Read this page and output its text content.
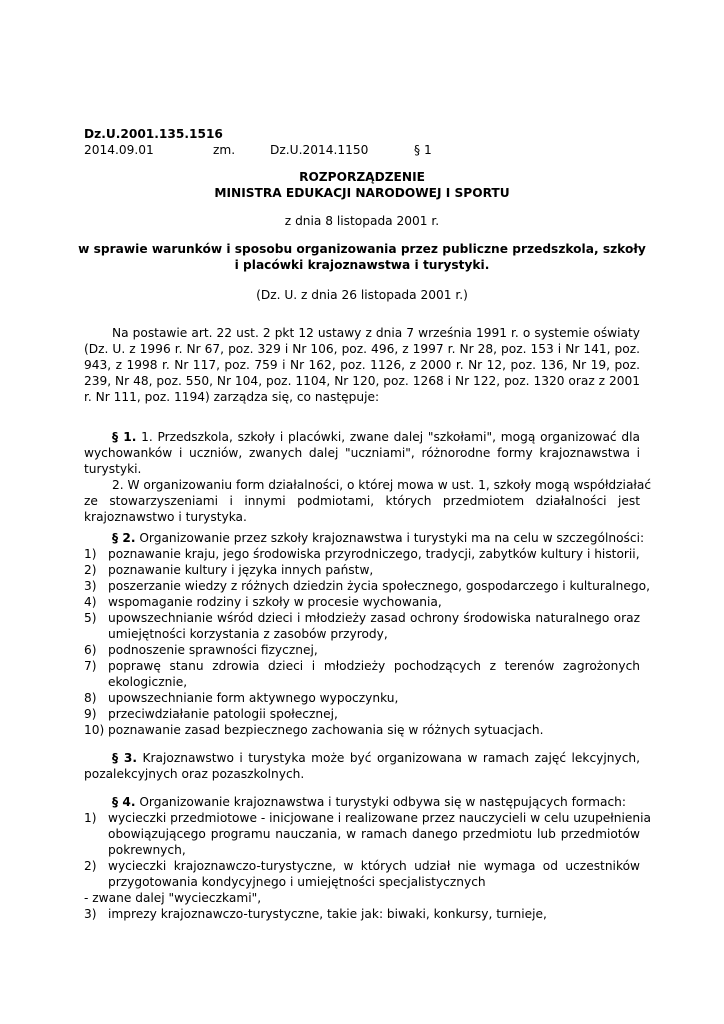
Dz.U.2001.135.1516
2014.09.01	zm.	Dz.U.2014.1150	§ 1
ROZPORZĄDZENIE
MINISTRA EDUKACJI NARODOWEJ I SPORTU
z dnia 8 listopada 2001 r.
w sprawie warunków i sposobu organizowania przez publiczne przedszkola, szkoły
i placówki krajoznawstwa i turystyki.
(Dz. U. z dnia 26 listopada 2001 r.)
Na postawie art. 22 ust. 2 pkt 12 ustawy z dnia 7 września 1991 r. o systemie oświaty
(Dz. U. z 1996 r. Nr 67, poz. 329 i Nr 106, poz. 496, z 1997 r. Nr 28, poz. 153 i Nr 141, poz.
943, z 1998 r. Nr 117, poz. 759 i Nr 162, poz. 1126, z 2000 r. Nr 12, poz. 136, Nr 19, poz.
239, Nr 48, poz. 550, Nr 104, poz. 1104, Nr 120, poz. 1268 i Nr 122, poz. 1320 oraz z 2001
r. Nr 111, poz. 1194) zarządza się, co następuje:
§ 1. 1. Przedszkola, szkoły i placówki, zwane dalej "szkołami", mogą organizować dla
wychowanków i uczniów, zwanych dalej "uczniami", różnorodne formy krajoznawstwa i
turystyki.
2. W organizowaniu form działalności, o której mowa w ust. 1, szkoły mogą współdziałać
ze stowarzyszeniami i innymi podmiotami, których przedmiotem działalności jest
krajoznawstwo i turystyka.
§ 2. Organizowanie przez szkoły krajoznawstwa i turystyki ma na celu w szczególności:
1) poznawanie kraju, jego środowiska przyrodniczego, tradycji, zabytków kultury i historii,
2) poznawanie kultury i języka innych państw,
3) poszerzanie wiedzy z różnych dziedzin życia społecznego, gospodarczego i kulturalnego,
4) wspomaganie rodziny i szkoły w procesie wychowania,
5) upowszechnianie wśród dzieci i młodzieży zasad ochrony środowiska naturalnego oraz
umiejętności korzystania z zasobów przyrody,
6) podnoszenie sprawności fizycznej,
7) poprawę stanu zdrowia dzieci i młodzieży pochodzących z terenów zagrożonych
ekologicznie,
8) upowszechnianie form aktywnego wypoczynku,
9) przeciwdziałanie patologii społecznej,
10) poznawanie zasad bezpiecznego zachowania się w różnych sytuacjach.
§ 3. Krajoznawstwo i turystyka może być organizowana w ramach zajęć lekcyjnych,
pozalekcyjnych oraz pozaszkolnych.
§ 4. Organizowanie krajoznawstwa i turystyki odbywa się w następujących formach:
1) wycieczki przedmiotowe - inicjowane i realizowane przez nauczycieli w celu uzupełnienia
obowiązującego programu nauczania, w ramach danego przedmiotu lub przedmiotów
pokrewnych,
2) wycieczki krajoznawczo-turystyczne, w których udział nie wymaga od uczestników
przygotowania kondycyjnego i umiejętności specjalistycznych
- zwane dalej "wycieczkami",
3) imprezy krajoznawczo-turystyczne, takie jak: biwaki, konkursy, turnieje,
